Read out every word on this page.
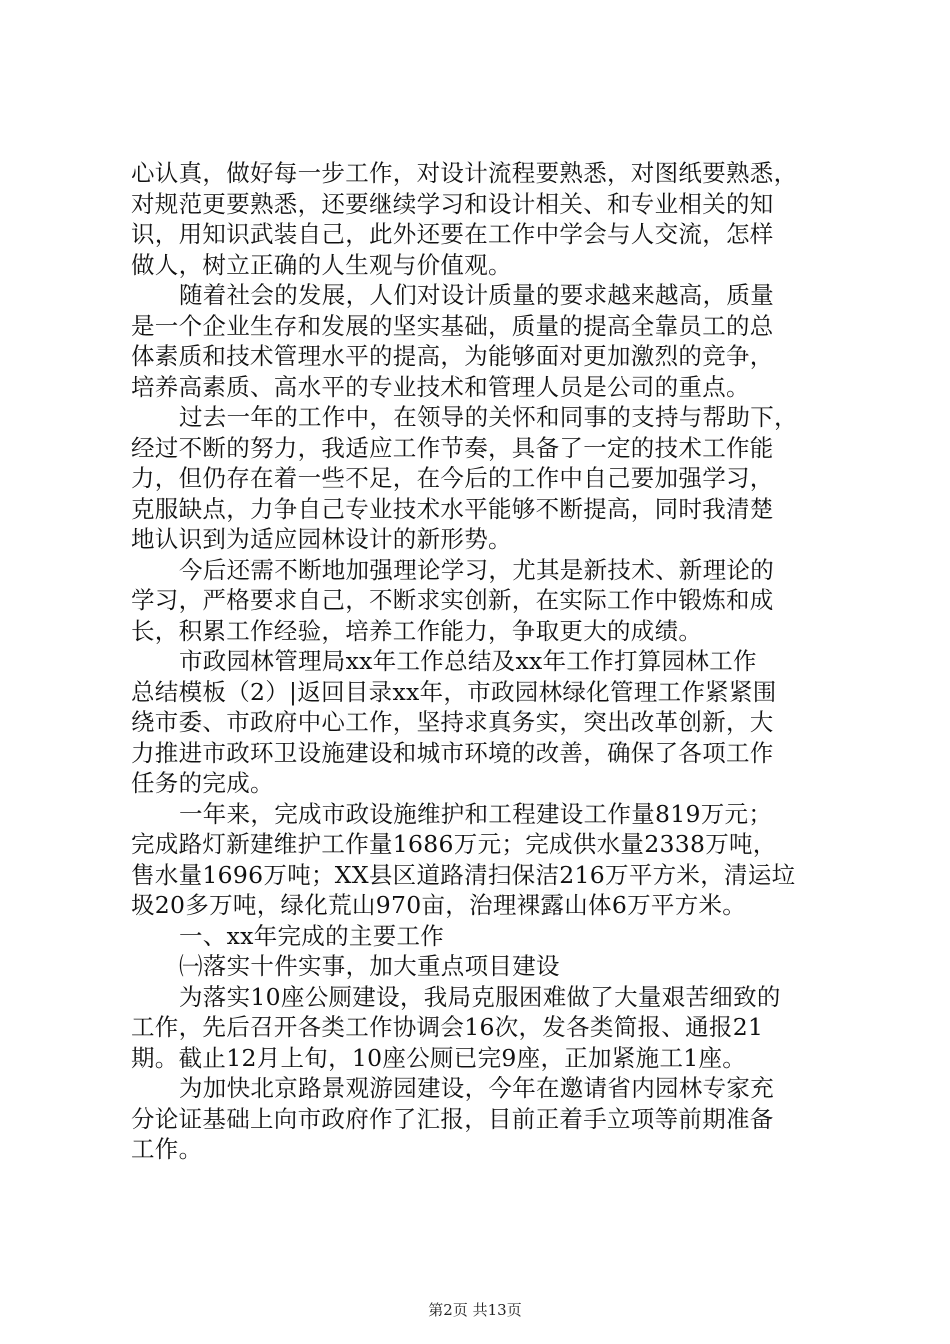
心认真，做好每一步工作，对设计流程要熟悉，对图纸要熟悉，
对规范更要熟悉，还要继续学习和设计相关、和专业相关的知
识，用知识武装自己，此外还要在工作中学会与人交流，怎样
做人，树立正确的人生观与价值观。
随着社会的发展，人们对设计质量的要求越来越高，质量
是一个企业生存和发展的坚实基础，质量的提高全靠员工的总
体素质和技术管理水平的提高，为能够面对更加激烈的竞争，
培养高素质、高水平的专业技术和管理人员是公司的重点。
过去一年的工作中，在领导的关怀和同事的支持与帮助下，
经过不断的努力，我适应工作节奏，具备了一定的技术工作能
力，但仍存在着一些不足，在今后的工作中自己要加强学习，
克服缺点，力争自己专业技术水平能够不断提高，同时我清楚
地认识到为适应园林设计的新形势。
今后还需不断地加强理论学习，尤其是新技术、新理论的
学习，严格要求自己，不断求实创新，在实际工作中锻炼和成
长，积累工作经验，培养工作能力，争取更大的成绩。
市政园林管理局xx年工作总结及xx年工作打算园林工作
总结模板（2）|返回目录xx年，市政园林绿化管理工作紧紧围
绕市委、市政府中心工作，坚持求真务实，突出改革创新，大
力推进市政环卫设施建设和城市环境的改善，确保了各项工作
任务的完成。
一年来，完成市政设施维护和工程建设工作量819万元；
完成路灯新建维护工作量1686万元；完成供水量2338万吨，
售水量1696万吨；XX县区道路清扫保洁216万平方米，清运垃
圾20多万吨，绿化荒山970亩，治理裸露山体6万平方米。
一、xx年完成的主要工作
㈠落实十件实事，加大重点项目建设
为落实10座公厕建设，我局克服困难做了大量艰苦细致的
工作，先后召开各类工作协调会16次，发各类简报、通报21
期。截止12月上旬，10座公厕已完9座，正加紧施工1座。
为加快北京路景观游园建设，今年在邀请省内园林专家充
分论证基础上向市政府作了汇报，目前正着手立项等前期准备
工作。
第2页 共13页
